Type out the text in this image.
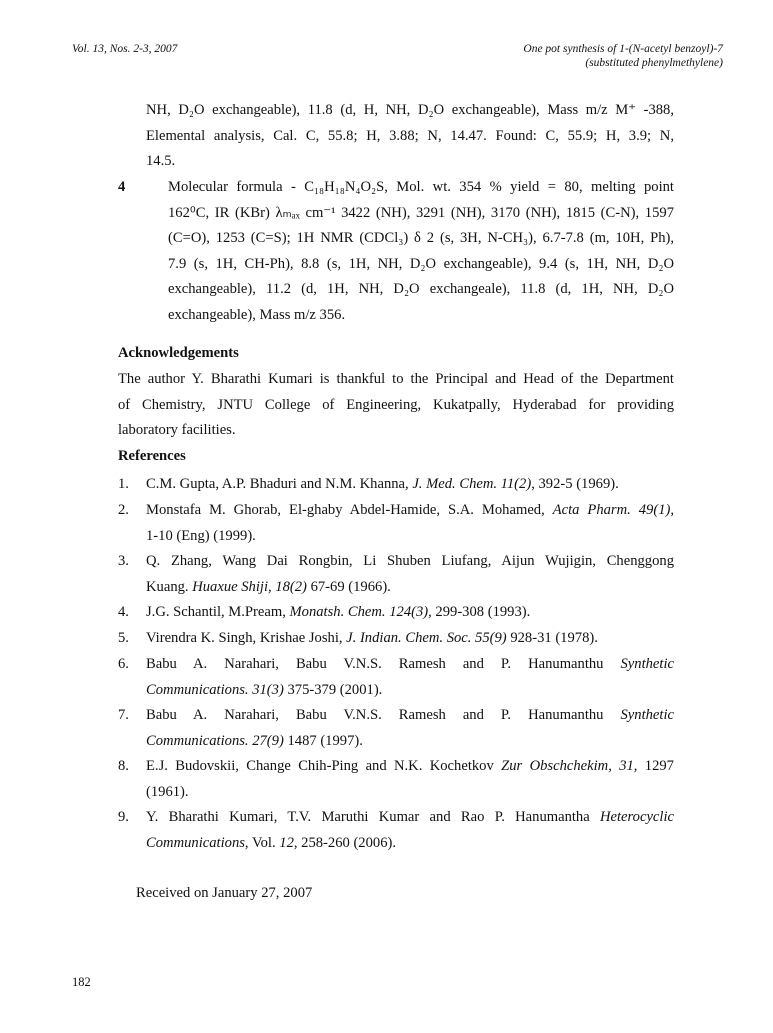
Vol. 13, Nos. 2-3, 2007	One pot synthesis of 1-(N-acetyl benzoyl)-7
(substituted phenylmethylene)
NH, D₂O exchangeable), 11.8 (d, H, NH, D₂O exchangeable), Mass m/z M⁺ -388,
Elemental analysis, Cal. C, 55.8; H, 3.88; N, 14.47. Found: C, 55.9; H, 3.9; N,
14.5.
4	Molecular formula - C₁₈H₁₈N₄O₂S, Mol. wt. 354 % yield = 80, melting point
162⁰C, IR (KBr) λₘₐₓ cm⁻¹ 3422 (NH), 3291 (NH), 3170 (NH), 1815 (C-N), 1597
(C=O), 1253 (C=S); 1H NMR (CDCl₃) δ 2 (s, 3H, N-CH₃), 6.7-7.8 (m, 10H, Ph),
7.9 (s, 1H, CH-Ph), 8.8 (s, 1H, NH, D₂O exchangeable), 9.4 (s, 1H, NH, D₂O
exchangeable), 11.2 (d, 1H, NH, D₂O exchangeale), 11.8 (d, 1H, NH, D₂O
exchangeable), Mass m/z 356.
Acknowledgements
The author Y. Bharathi Kumari is thankful to the Principal and Head of the Department
of Chemistry, JNTU College of Engineering, Kukatpally, Hyderabad for providing
laboratory facilities.
References
1. C.M. Gupta, A.P. Bhaduri and N.M. Khanna, J. Med. Chem. 11(2), 392-5 (1969).
2. Monstafa M. Ghorab, El-ghaby Abdel-Hamide, S.A. Mohamed, Acta Pharm. 49(1),
1-10 (Eng) (1999).
3. Q. Zhang, Wang Dai Rongbin, Li Shuben Liufang, Aijun Wujigin, Chenggong
Kuang. Huaxue Shiji, 18(2) 67-69 (1966).
4. J.G. Schantil, M.Pream, Monatsh. Chem. 124(3), 299-308 (1993).
5. Virendra K. Singh, Krishae Joshi, J. Indian. Chem. Soc. 55(9) 928-31 (1978).
6. Babu A. Narahari, Babu V.N.S. Ramesh and P. Hanumanthu Synthetic
Communications. 31(3) 375-379 (2001).
7. Babu A. Narahari, Babu V.N.S. Ramesh and P. Hanumanthu Synthetic
Communications. 27(9) 1487 (1997).
8. E.J. Budovskii, Change Chih-Ping and N.K. Kochetkov Zur Obschchekim, 31, 1297
(1961).
9. Y. Bharathi Kumari, T.V. Maruthi Kumar and Rao P. Hanumantha Heterocyclic
Communications, Vol. 12, 258-260 (2006).
Received on January 27, 2007
182
